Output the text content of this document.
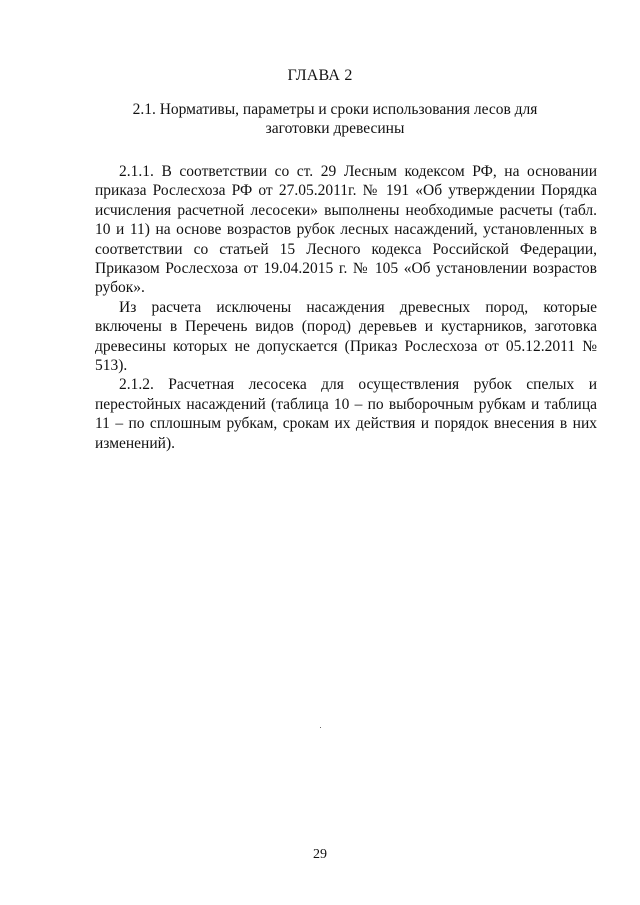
ГЛАВА 2
2.1. Нормативы, параметры и сроки использования лесов для заготовки древесины

2.1.1. В соответствии со ст. 29 Лесным кодексом РФ, на основании приказа Рослесхоза РФ от 27.05.2011г. № 191 «Об утверждении Порядка исчисления расчетной лесосеки» выполнены необходимые расчеты (табл. 10 и 11) на основе возрастов рубок лесных насаждений, установленных в соответствии со статьей 15 Лесного кодекса Российской Федерации, Приказом Рослесхоза от 19.04.2015 г. № 105 «Об установлении возрастов рубок».

Из расчета исключены насаждения древесных пород, которые включены в Перечень видов (пород) деревьев и кустарников, заготовка древесины которых не допускается (Приказ Рослесхоза от 05.12.2011 № 513).

2.1.2. Расчетная лесосека для осуществления рубок спелых и перестойных насаждений (таблица 10 – по выборочным рубкам и таблица 11 – по сплошным рубкам, срокам их действия и порядок внесения в них изменений).

29
